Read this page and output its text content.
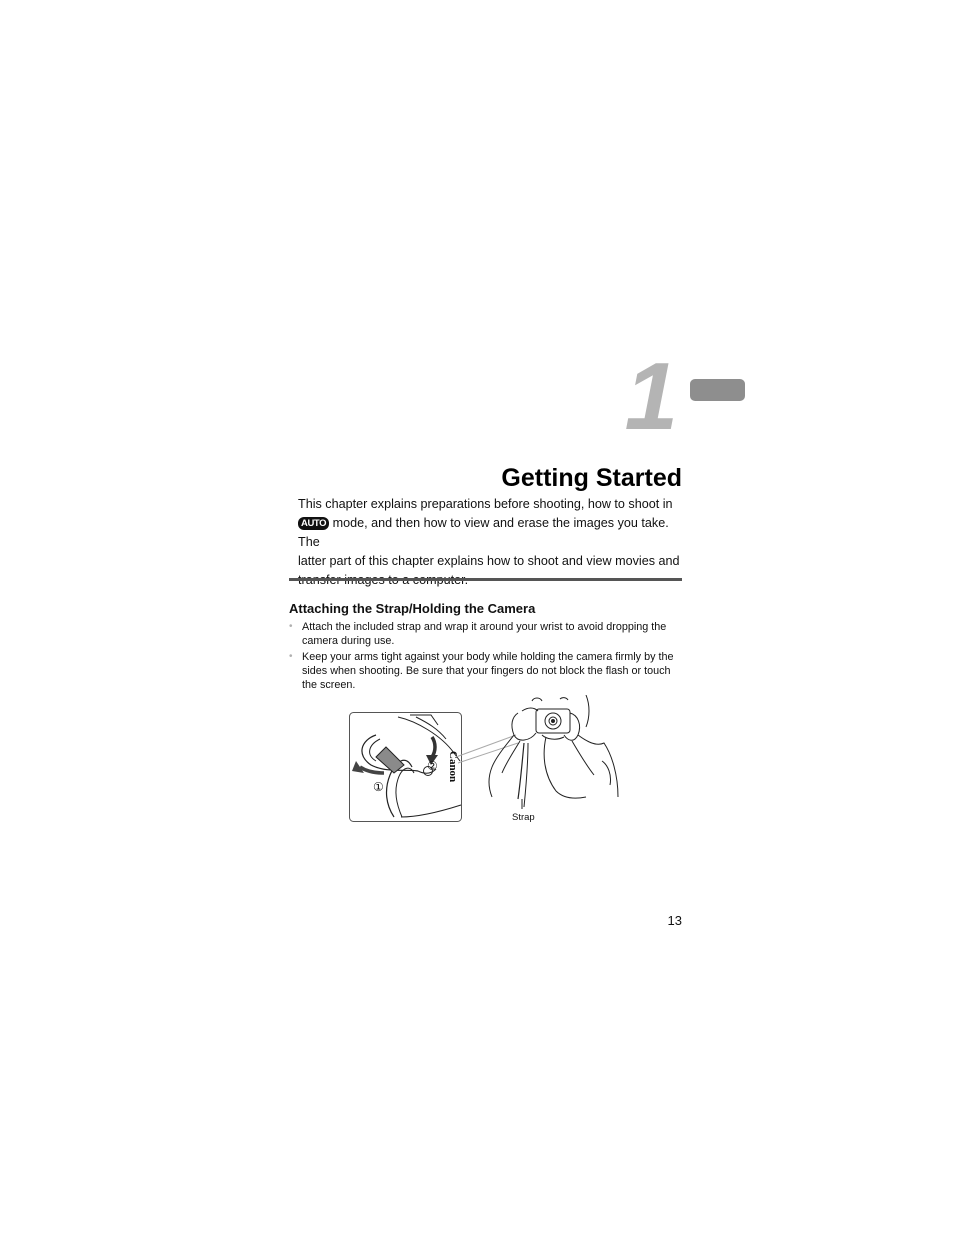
1
Getting Started
This chapter explains preparations before shooting, how to shoot in
AUTO mode, and then how to view and erase the images you take. The
latter part of this chapter explains how to shoot and view movies and
Attaching the Strap/Holding the Camera
• Attach the included strap and wrap it around your wrist to avoid dropping the camera during use.
• Keep your arms tight against your body while holding the camera firmly by the sides when shooting. Be sure that your fingers do not block the flash or touch the screen.
Canon
①
②
Strap
13
